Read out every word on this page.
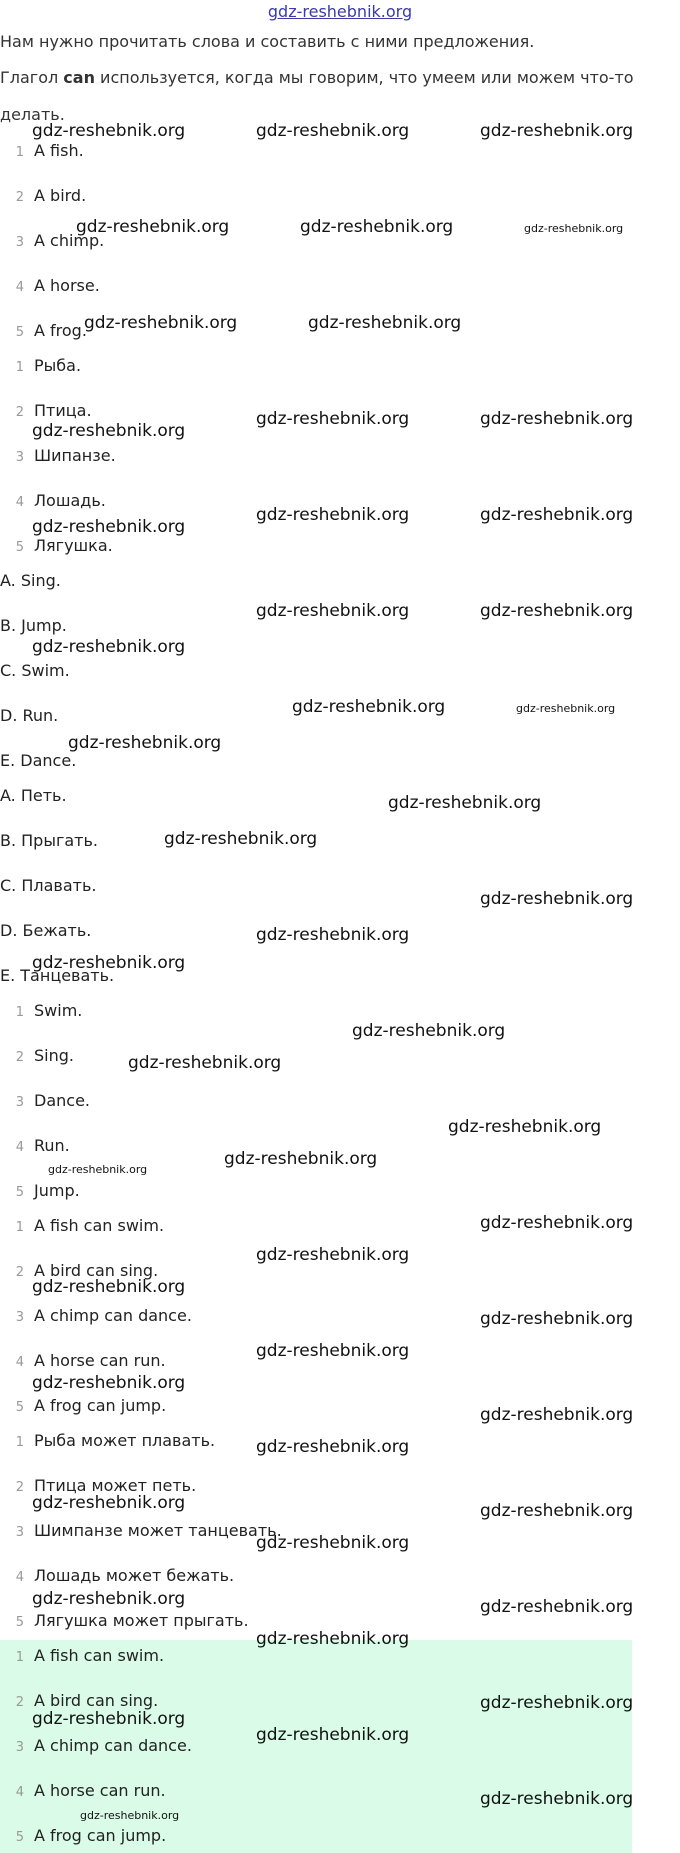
gdz-reshebnik.org
Нам нужно прочитать слова и составить с ними предложения.
Глагол can используется, когда мы говорим, что умеем или можем что-то
делать.
1 A fish.
2 A bird.
3 A chimp.
4 A horse.
5 A frog.
1 Рыба.
2 Птица.
3 Шипанзе.
4 Лошадь.
5 Лягушка.
A. Sing.
B. Jump.
C. Swim.
D. Run.
E. Dance.
A. Петь.
B. Прыгать.
C. Плавать.
D. Бежать.
E. Танцевать.
1 Swim.
2 Sing.
3 Dance.
4 Run.
5 Jump.
1 A fish can swim.
2 A bird can sing.
3 A chimp can dance.
4 A horse can run.
5 A frog can jump.
1 Рыба может плавать.
2 Птица может петь.
3 Шимпанзе может танцевать.
4 Лошадь может бежать.
5 Лягушка может прыгать.
1 A fish can swim.
2 A bird can sing.
3 A chimp can dance.
4 A horse can run.
5 A frog can jump.
gdz-reshebnik.org	gdz-reshebnik.org	gdz-reshebnik.org
gdz-reshebnik.org	gdz-reshebnik.org	gdz-reshebnik.org
gdz-reshebnik.org	gdz-reshebnik.org
gdz-reshebnik.org
gdz-reshebnik.org	gdz-reshebnik.org
gdz-reshebnik.org
gdz-reshebnik.org	gdz-reshebnik.org
gdz-reshebnik.org	gdz-reshebnik.org
gdz-reshebnik.org
gdz-reshebnik.org	gdz-reshebnik.org
gdz-reshebnik.org
gdz-reshebnik.org
gdz-reshebnik.org
gdz-reshebnik.org
gdz-reshebnik.org
gdz-reshebnik.org
gdz-reshebnik.org
gdz-reshebnik.org
gdz-reshebnik.org
gdz-reshebnik.org
gdz-reshebnik.org
gdz-reshebnik.org
gdz-reshebnik.org
gdz-reshebnik.org
gdz-reshebnik.org
gdz-reshebnik.org
gdz-reshebnik.org
gdz-reshebnik.org
gdz-reshebnik.org
gdz-reshebnik.org	gdz-reshebnik.org
gdz-reshebnik.org
gdz-reshebnik.org	gdz-reshebnik.org
gdz-reshebnik.org
gdz-reshebnik.org
gdz-reshebnik.org
gdz-reshebnik.org
gdz-reshebnik.org
gdz-reshebnik.org
